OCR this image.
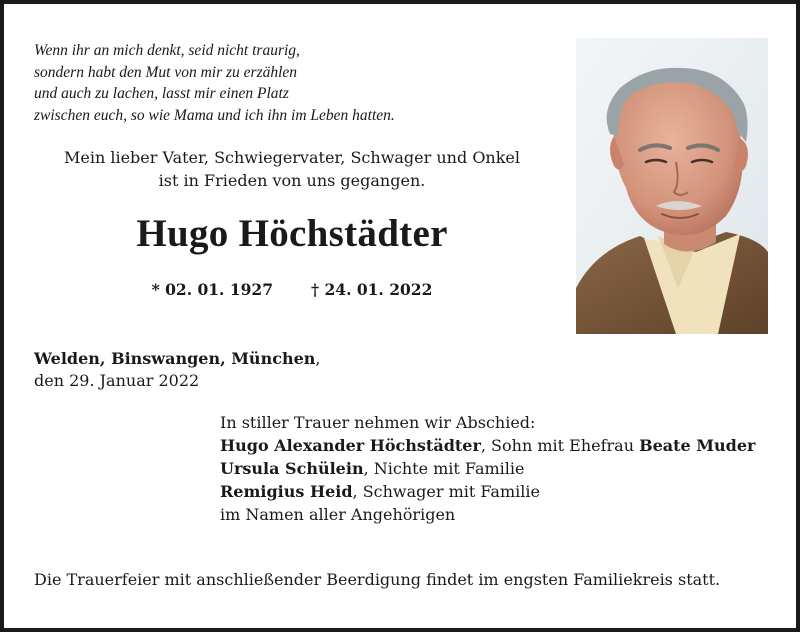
Wenn ihr an mich denkt, seid nicht traurig,
sondern habt den Mut von mir zu erzählen
und auch zu lachen, lasst mir einen Platz
zwischen euch, so wie Mama und ich ihn im Leben hatten.
Mein lieber Vater, Schwiegervater, Schwager und Onkel
ist in Frieden von uns gegangen.
Hugo Höchstädter
* 02. 01. 1927 † 24. 01. 2022
Welden, Binswangen, München,
den 29. Januar 2022
In stiller Trauer nehmen wir Abschied:
Hugo Alexander Höchstädter, Sohn mit Ehefrau Beate Muder
Ursula Schülein, Nichte mit Familie
Remigius Heid, Schwager mit Familie
im Namen aller Angehörigen
Die Trauerfeier mit anschließender Beerdigung findet im engsten Familiekreis statt.
